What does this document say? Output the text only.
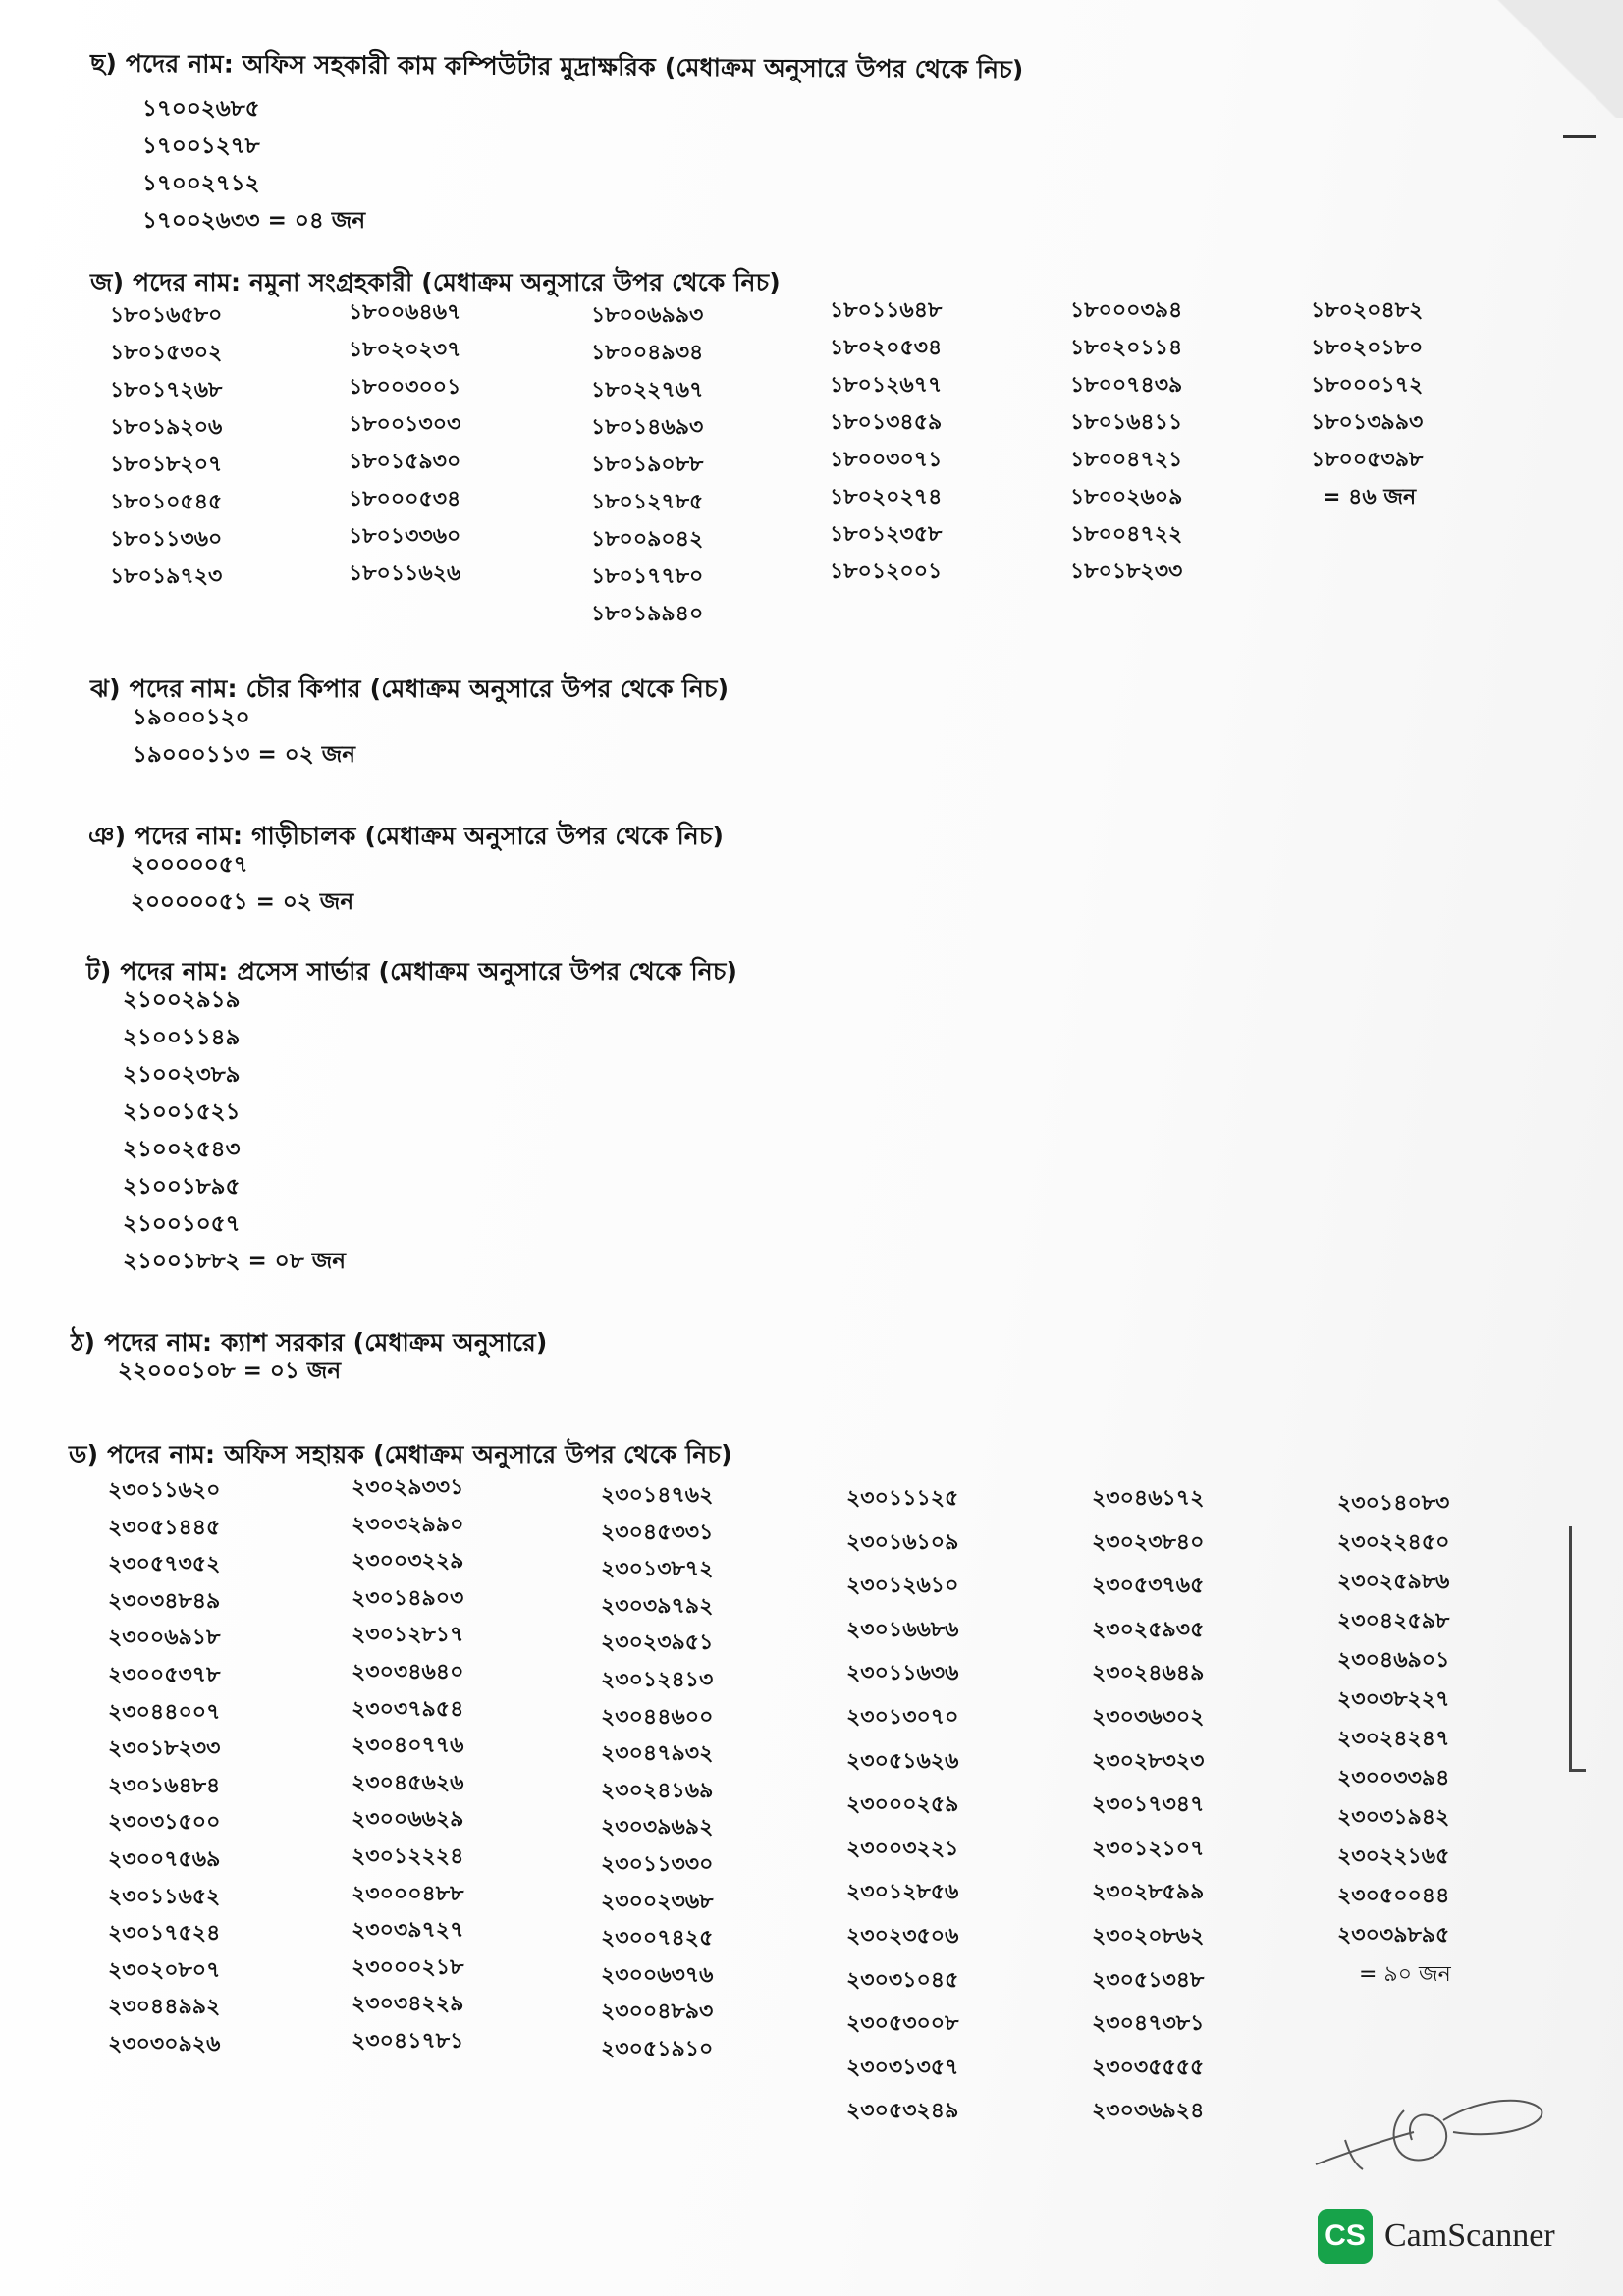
ছ) পদের নাম: অফিস সহকারী কাম কম্পিউটার মুদ্রাক্ষরিক (মেধাক্রম অনুসারে উপর থেকে নিচ)
১৭০০২৬৮৫
১৭০০১২৭৮
১৭০০২৭১২
১৭০০২৬৩৩ = ০৪ জন
জ) পদের নাম: নমুনা সংগ্রহকারী (মেধাক্রম অনুসারে উপর থেকে নিচ)
১৮০১৬৫৮০
১৮০১৫৩০২
১৮০১৭২৬৮
১৮০১৯২০৬
১৮০১৮২০৭
১৮০১০৫৪৫
১৮০১১৩৬০
১৮০১৯৭২৩
১৮০০৬৪৬৭
১৮০২০২৩৭
১৮০০৩০০১
১৮০০১৩০৩
১৮০১৫৯৩০
১৮০০০৫৩৪
১৮০১৩৩৬০
১৮০১১৬২৬
১৮০০৬৯৯৩
১৮০০৪৯৩৪
১৮০২২৭৬৭
১৮০১৪৬৯৩
১৮০১৯০৮৮
১৮০১২৭৮৫
১৮০০৯০৪২
১৮০১৭৭৮০
১৮০১৯৯৪০
১৮০১১৬৪৮
১৮০২০৫৩৪
১৮০১২৬৭৭
১৮০১৩৪৫৯
১৮০০৩০৭১
১৮০২০২৭৪
১৮০১২৩৫৮
১৮০১২০০১
১৮০০০৩৯৪
১৮০২০১১৪
১৮০০৭৪৩৯
১৮০১৬৪১১
১৮০০৪৭২১
১৮০০২৬০৯
১৮০০৪৭২২
১৮০১৮২৩৩
১৮০২০৪৮২
১৮০২০১৮০
১৮০০০১৭২
১৮০১৩৯৯৩
১৮০০৫৩৯৮
= ৪৬ জন
ঝ) পদের নাম: চৌর কিপার (মেধাক্রম অনুসারে উপর থেকে নিচ)
১৯০০০১২০
১৯০০০১১৩ = ০২ জন
ঞ) পদের নাম: গাড়ীচালক (মেধাক্রম অনুসারে উপর থেকে নিচ)
২০০০০০৫৭
২০০০০০৫১ = ০২ জন
ট) পদের নাম: প্রসেস সার্ভার (মেধাক্রম অনুসারে উপর থেকে নিচ)
২১০০২৯১৯
২১০০১১৪৯
২১০০২৩৮৯
২১০০১৫২১
২১০০২৫৪৩
২১০০১৮৯৫
২১০০১০৫৭
২১০০১৮৮২ = ০৮ জন
ঠ) পদের নাম: ক্যাশ সরকার (মেধাক্রম অনুসারে)
২২০০০১০৮ = ০১ জন
ড) পদের নাম: অফিস সহায়ক (মেধাক্রম অনুসারে উপর থেকে নিচ)
২৩০১১৬২০
২৩০৫১৪৪৫
২৩০৫৭৩৫২
২৩০৩৪৮৪৯
২৩০০৬৯১৮
২৩০০৫৩৭৮
২৩০৪৪০০৭
২৩০১৮২৩৩
২৩০১৬৪৮৪
২৩০৩১৫০০
২৩০০৭৫৬৯
২৩০১১৬৫২
২৩০১৭৫২৪
২৩০২০৮০৭
২৩০৪৪৯৯২
২৩০৩০৯২৬
২৩০২৯৩৩১
২৩০৩২৯৯০
২৩০০৩২২৯
২৩০১৪৯০৩
২৩০১২৮১৭
২৩০৩৪৬৪০
২৩০৩৭৯৫৪
২৩০৪০৭৭৬
২৩০৪৫৬২৬
২৩০০৬৬২৯
২৩০১২২২৪
২৩০০০৪৮৮
২৩০৩৯৭২৭
২৩০০০২১৮
২৩০৩৪২২৯
২৩০৪১৭৮১
২৩০১৪৭৬২
২৩০৪৫৩৩১
২৩০১৩৮৭২
২৩০৩৯৭৯২
২৩০২৩৯৫১
২৩০১২৪১৩
২৩০৪৪৬০০
২৩০৪৭৯৩২
২৩০২৪১৬৯
২৩০৩৯৬৯২
২৩০১১৩৩০
২৩০০২৩৬৮
২৩০০৭৪২৫
২৩০০৬৩৭৬
২৩০০৪৮৯৩
২৩০৫১৯১০
২৩০১১১২৫
২৩০১৬১০৯
২৩০১২৬১০
২৩০১৬৬৮৬
২৩০১১৬৩৬
২৩০১৩০৭০
২৩০৫১৬২৬
২৩০০০২৫৯
২৩০০৩২২১
২৩০১২৮৫৬
২৩০২৩৫০৬
২৩০৩১০৪৫
২৩০৫৩০০৮
২৩০৩১৩৫৭
২৩০৫৩২৪৯
২৩০৪৬১৭২
২৩০২৩৮৪০
২৩০৫৩৭৬৫
২৩০২৫৯৩৫
২৩০২৪৬৪৯
২৩০৩৬৩০২
২৩০২৮৩২৩
২৩০১৭৩৪৭
২৩০১২১০৭
২৩০২৮৫৯৯
২৩০২০৮৬২
২৩০৫১৩৪৮
২৩০৪৭৩৮১
২৩০৩৫৫৫৫
২৩০৩৬৯২৪
২৩০১৪০৮৩
২৩০২২৪৫০
২৩০২৫৯৮৬
২৩০৪২৫৯৮
২৩০৪৬৯০১
২৩০৩৮২২৭
২৩০২৪২৪৭
২৩০০৩৩৯৪
২৩০৩১৯৪২
২৩০২২১৬৫
২৩০৫০০৪৪
২৩০৩৯৮৯৫
= ৯০ জন
CS CamScanner
